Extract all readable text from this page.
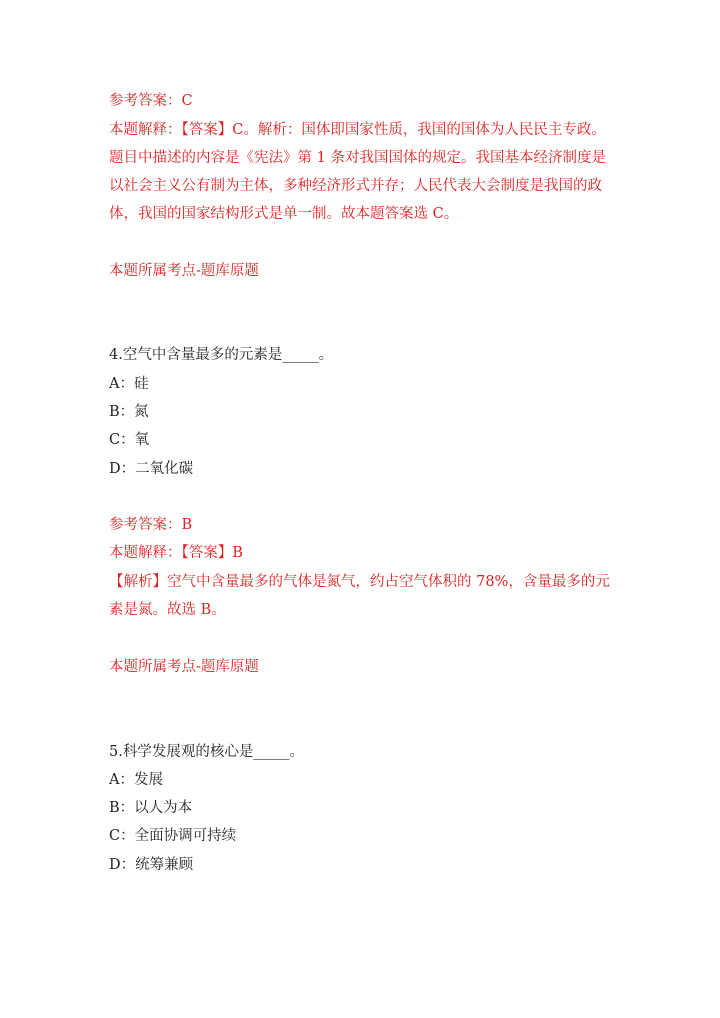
参考答案：C
本题解释：【答案】C。解析：国体即国家性质，我国的国体为人民民主专政。
题目中描述的内容是《宪法》第 1 条对我国国体的规定。我国基本经济制度是
以社会主义公有制为主体，多种经济形式并存；人民代表大会制度是我国的政
体，我国的国家结构形式是单一制。故本题答案选 C。
本题所属考点-题库原题
4.空气中含量最多的元素是_____。
A：硅
B：氮
C：氧
D：二氧化碳
参考答案：B
本题解释：【答案】B
【解析】空气中含量最多的气体是氮气，约占空气体积的 78%，含量最多的元
素是氮。故选 B。
本题所属考点-题库原题
5.科学发展观的核心是_____。
A：发展
B：以人为本
C：全面协调可持续
D：统筹兼顾
